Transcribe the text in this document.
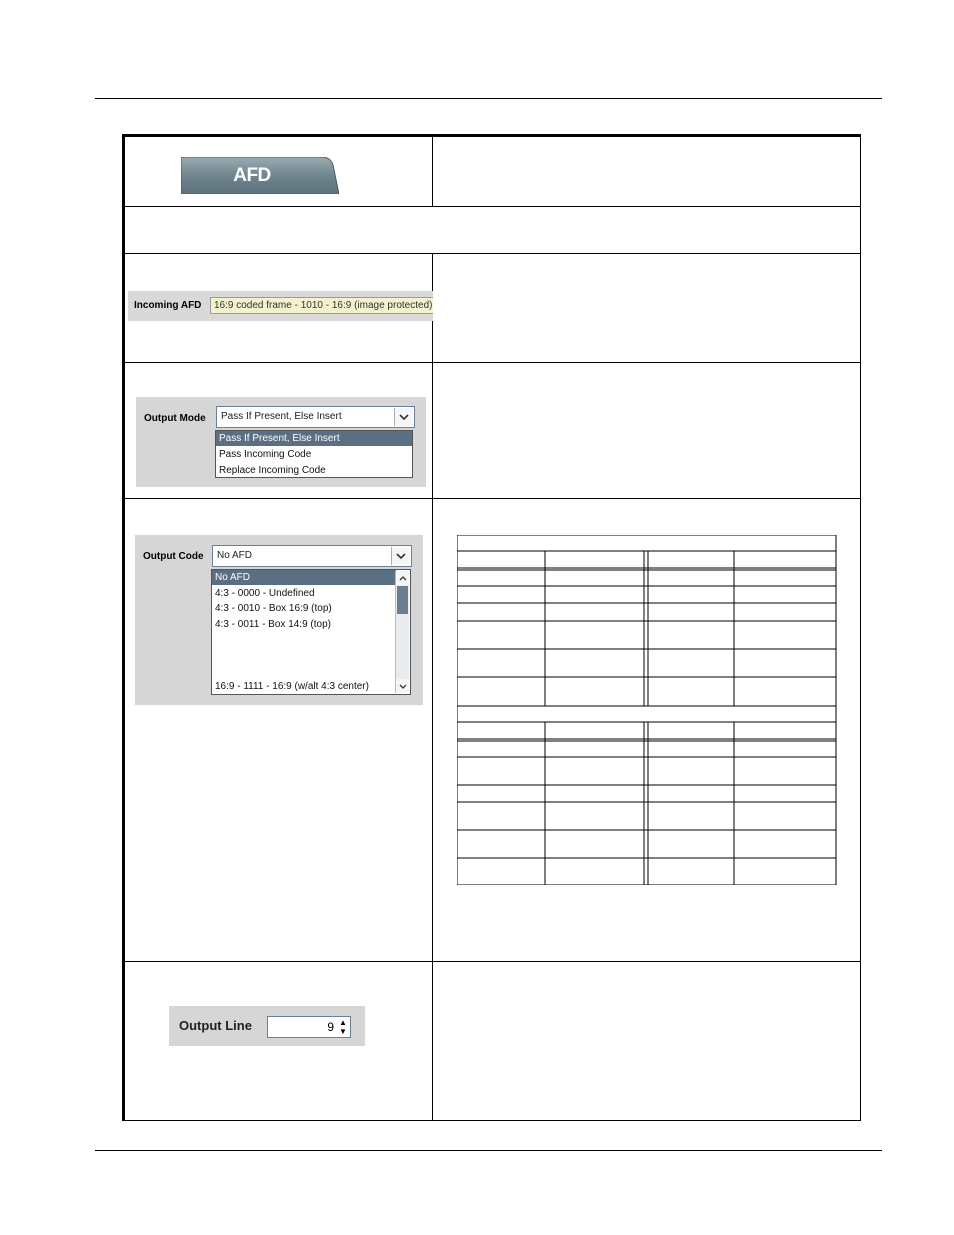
AFD
Incoming AFD	16:9 coded frame - 1010 - 16:9 (image protected)
Output Mode Pass If Present, Else Insert
Pass If Present, Else Insert
Pass Incoming Code
Replace Incoming Code
Output Code No AFD
No AFD
4:3 - 0000 - Undefined
4:3 - 0010 - Box 16:9 (top)
4:3 - 0011 - Box 14:9 (top)
16:9 - 1111 - 16:9 (w/alt 4:3 center)
Output Line	9 ▲
▼
